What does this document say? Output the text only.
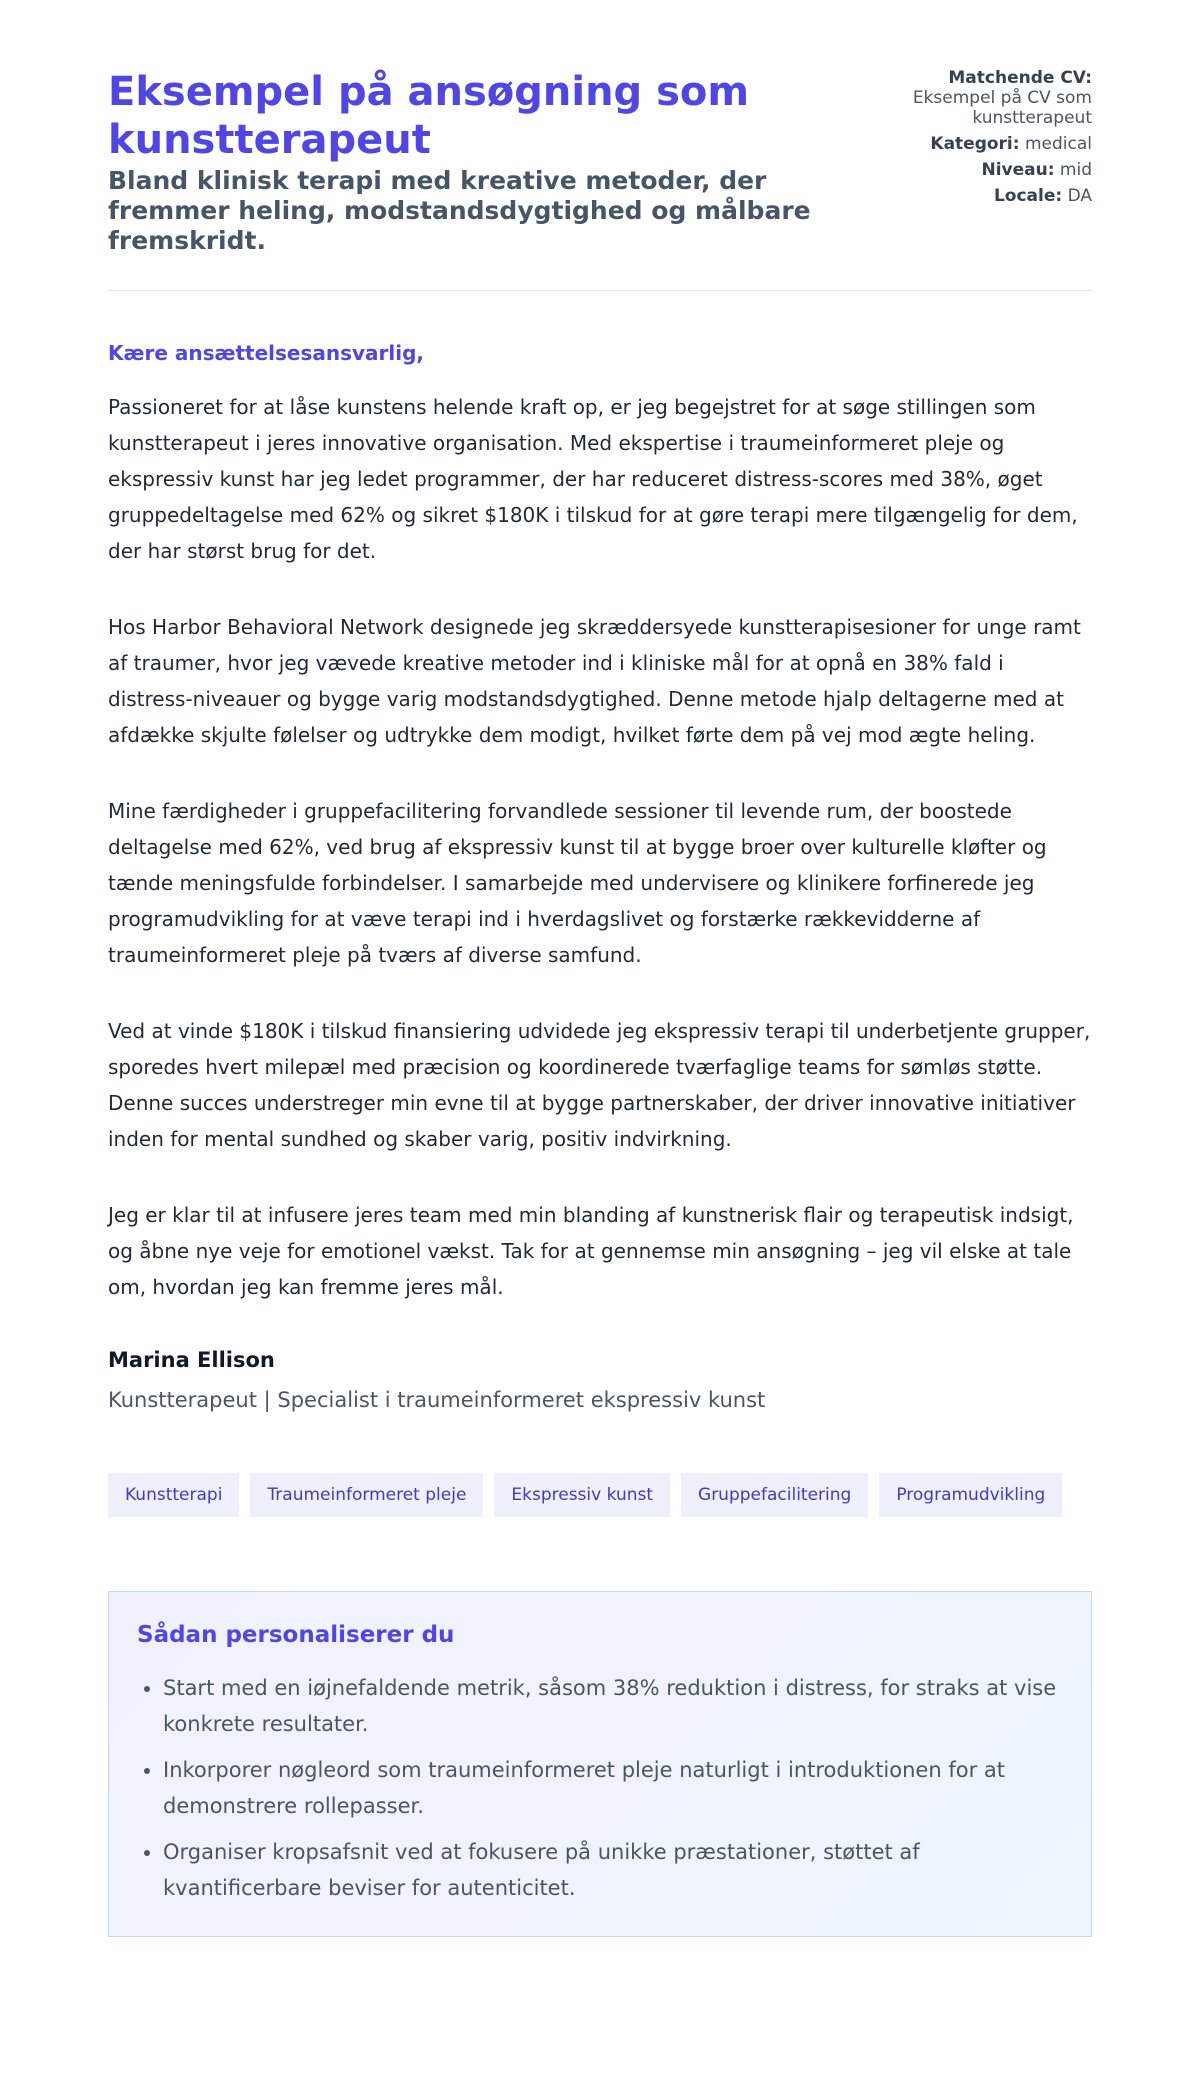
Eksempel på ansøgning som kunstterapeut
Bland klinisk terapi med kreative metoder, der fremmer heling, modstandsdygtighed og målbare fremskridt.
Matchende CV:
Eksempel på CV som kunstterapeut
Kategori: medical
Niveau: mid
Locale: DA

Kære ansættelsesansvarlig,

Passioneret for at låse kunstens helende kraft op, er jeg begejstret for at søge stillingen som kunstterapeut i jeres innovative organisation. Med ekspertise i traumeinformeret pleje og ekspressiv kunst har jeg ledet programmer, der har reduceret distress-scores med 38%, øget gruppedeltagelse med 62% og sikret $180K i tilskud for at gøre terapi mere tilgængelig for dem, der har størst brug for det.

Hos Harbor Behavioral Network designede jeg skræddersyede kunstterapisesioner for unge ramt af traumer, hvor jeg vævede kreative metoder ind i kliniske mål for at opnå en 38% fald i distress-niveauer og bygge varig modstandsdygtighed. Denne metode hjalp deltagerne med at afdække skjulte følelser og udtrykke dem modigt, hvilket førte dem på vej mod ægte heling.

Mine færdigheder i gruppefacilitering forvandlede sessioner til levende rum, der boostede deltagelse med 62%, ved brug af ekspressiv kunst til at bygge broer over kulturelle kløfter og tænde meningsfulde forbindelser. I samarbejde med undervisere og klinikere forfinerede jeg programudvikling for at væve terapi ind i hverdagslivet og forstærke rækkevidderne af traumeinformeret pleje på tværs af diverse samfund.

Ved at vinde $180K i tilskud finansiering udvidede jeg ekspressiv terapi til underbetjente grupper, sporedes hvert milepæl med præcision og koordinerede tværfaglige teams for sømløs støtte. Denne succes understreger min evne til at bygge partnerskaber, der driver innovative initiativer inden for mental sundhed og skaber varig, positiv indvirkning.

Jeg er klar til at infusere jeres team med min blanding af kunstnerisk flair og terapeutisk indsigt, og åbne nye veje for emotionel vækst. Tak for at gennemse min ansøgning – jeg vil elske at tale om, hvordan jeg kan fremme jeres mål.

Marina Ellison

Kunstterapeut | Specialist i traumeinformeret ekspressiv kunst

Kunstterapi	Traumeinformeret pleje	Ekspressiv kunst	Gruppefacilitering	Programudvikling
Sådan personaliserer du
• Start med en iøjnefaldende metrik, såsom 38% reduktion i distress, for straks at vise konkrete resultater.
• Inkorporer nøgleord som traumeinformeret pleje naturligt i introduktionen for at demonstrere rollepasser.
• Organiser kropsafsnit ved at fokusere på unikke præstationer, støttet af kvantificerbare beviser for autenticitet.
